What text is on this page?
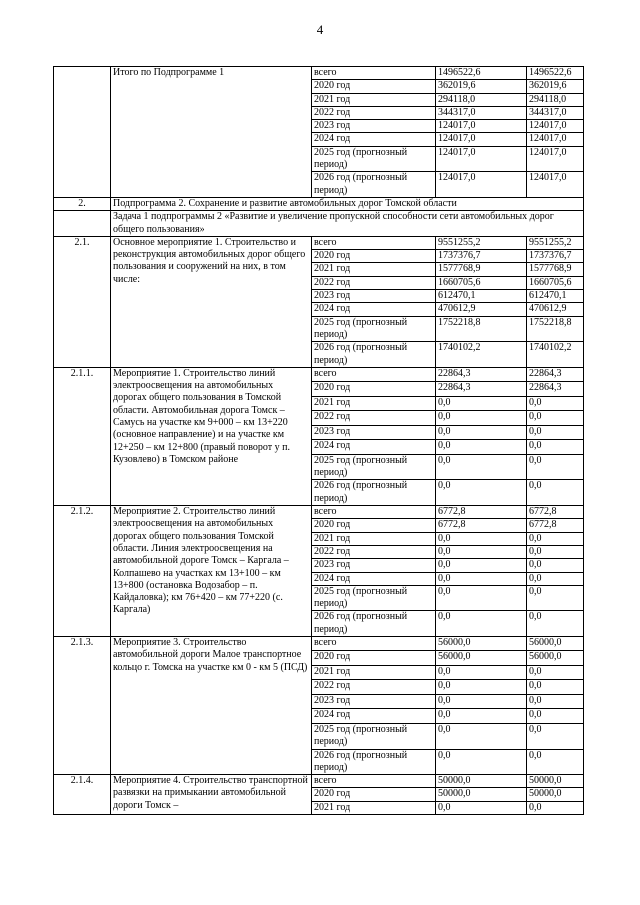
4
	Итого по Подпрограмме 1	всего	1496522,6	1496522,6
		2020 год	362019,6	362019,6
		2021 год	294118,0	294118,0
		2022 год	344317,0	344317,0
		2023 год	124017,0	124017,0
		2024 год	124017,0	124017,0
		2025 год (прогнозный период)	124017,0	124017,0
		2026 год (прогнозный период)	124017,0	124017,0
2.	Подпрограмма 2. Сохранение и развитие автомобильных дорог Томской области			
	Задача 1 подпрограммы 2 «Развитие и увеличение пропускной способности сети автомобильных дорог общего пользования»			
2.1.	Основное мероприятие 1. Строительство и реконструкция автомобильных дорог общего пользования и сооружений на них, в том числе:	всего	9551255,2	9551255,2
		2020 год	1737376,7	1737376,7
		2021 год	1577768,9	1577768,9
		2022 год	1660705,6	1660705,6
		2023 год	612470,1	612470,1
		2024 год	470612,9	470612,9
		2025 год (прогнозный период)	1752218,8	1752218,8
		2026 год (прогнозный период)	1740102,2	1740102,2
2.1.1.	Мероприятие 1. Строительство линий электроосвещения на автомобильных дорогах общего пользования в Томской области. Автомобильная дорога Томск – Самусь на участке км 9+000 – км 13+220 (основное направление) и на участке км 12+250 – км 12+800 (правый поворот у п. Кузовлево) в Томском районе	всего	22864,3	22864,3
		2020 год	22864,3	22864,3
		2021 год	0,0	0,0
		2022 год	0,0	0,0
		2023 год	0,0	0,0
		2024 год	0,0	0,0
		2025 год (прогнозный период)	0,0	0,0
		2026 год (прогнозный период)	0,0	0,0
2.1.2.	Мероприятие 2. Строительство линий электроосвещения на автомобильных дорогах общего пользования Томской области. Линия электроосвещения на автомобильной дороге Томск – Каргала – Колпашево на участках км 13+100 – км 13+800 (остановка Водозабор – п. Кайдаловка); км 76+420 – км 77+220 (с. Каргала)	всего	6772,8	6772,8
		2020 год	6772,8	6772,8
		2021 год	0,0	0,0
		2022 год	0,0	0,0
		2023 год	0,0	0,0
		2024 год	0,0	0,0
		2025 год (прогнозный период)	0,0	0,0
		2026 год (прогнозный период)	0,0	0,0
2.1.3.	Мероприятие 3. Строительство автомобильной дороги Малое транспортное кольцо г. Томска на участке км 0 - км 5 (ПСД)	всего	56000,0	56000,0
		2020 год	56000,0	56000,0
		2021 год	0,0	0,0
		2022 год	0,0	0,0
		2023 год	0,0	0,0
		2024 год	0,0	0,0
		2025 год (прогнозный период)	0,0	0,0
		2026 год (прогнозный период)	0,0	0,0
2.1.4.	Мероприятие 4. Строительство транспортной развязки на примыкании автомобильной дороги Томск –	всего	50000,0	50000,0
		2020 год	50000,0	50000,0
		2021 год	0,0	0,0
